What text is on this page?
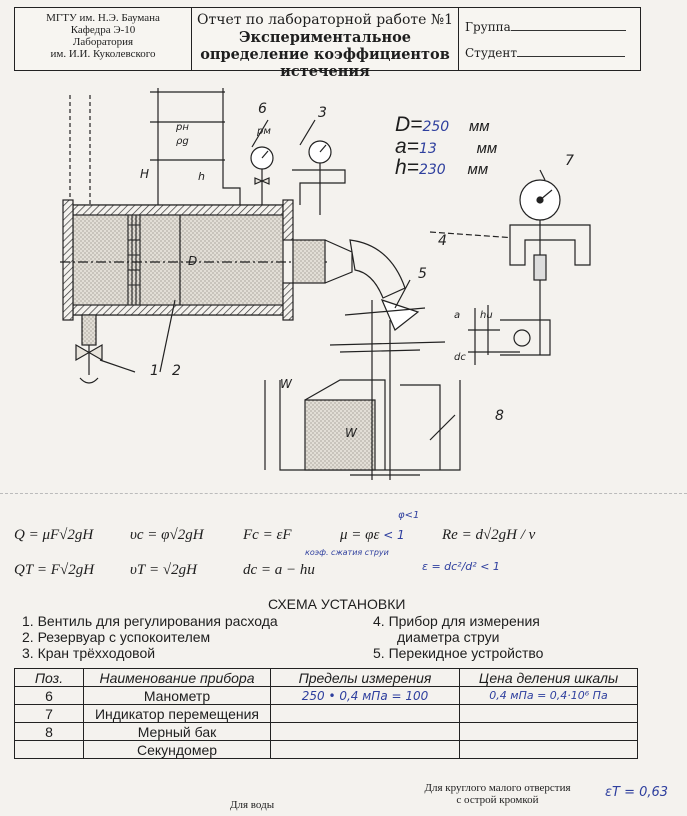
МГТУ им. Н.Э. Баумана
Кафедра Э-10
Лаборатория
им. И.И. Куколевского
Отчет по лабораторной работе №1
Экспериментальное определение коэффициентов истечения
Группа
Студент
1 2
3
4
5
6
7
8
H	h
D
W
W
pн
ρg
pм
a hu
dc
D=250 мм
a=13	мм
h=230 мм
Q = μF√2gH υс = φ√2gH	Fс = εF	μ = φε < 1
φ<1
Re = d√2gH / ν
QТ = F√2gH υТ = √2gH	dс = a − hи
коэф. сжатия струи
ε = dс²/d² < 1
СХЕМА УСТАНОВКИ
1. Вентиль для регулирования расхода
2. Резервуар с успокоителем
3. Кран трёхходовой
4. Прибор для измерения
диаметра струи
5. Перекидное устройство
Поз.	Наименование прибора	Пределы измерения	Цена деления шкалы
6	Манометр	250 • 0,4 мПа = 100	0,4 мПа = 0,4·10⁶ Па
7	Индикатор перемещения		
8	Мерный бак		
	Секундомер		
Для воды
Для круглого малого отверстия
с острой кромкой	εТ = 0,63
